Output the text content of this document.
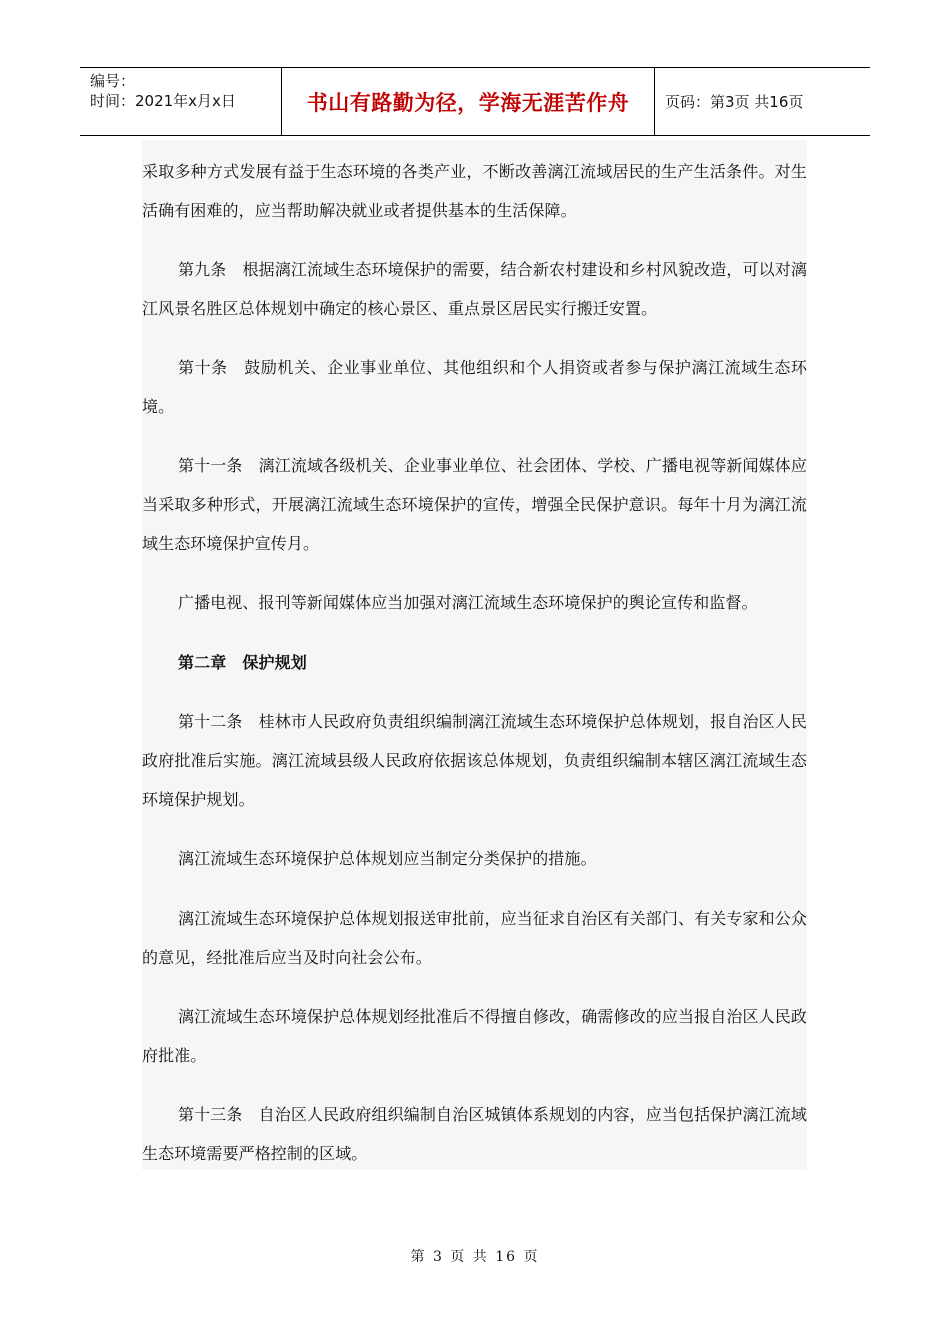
编号：
时间：2021年x月x日	书山有路勤为径，学海无涯苦作舟	页码：第3页 共16页

采取多种方式发展有益于生态环境的各类产业，不断改善漓江流域居民的生产生活条件。对生活确有困难的，应当帮助解决就业或者提供基本的生活保障。

第九条　根据漓江流域生态环境保护的需要，结合新农村建设和乡村风貌改造，可以对漓江风景名胜区总体规划中确定的核心景区、重点景区居民实行搬迁安置。

第十条　鼓励机关、企业事业单位、其他组织和个人捐资或者参与保护漓江流域生态环境。

第十一条　漓江流域各级机关、企业事业单位、社会团体、学校、广播电视等新闻媒体应当采取多种形式，开展漓江流域生态环境保护的宣传，增强全民保护意识。每年十月为漓江流域生态环境保护宣传月。

广播电视、报刊等新闻媒体应当加强对漓江流域生态环境保护的舆论宣传和监督。

第二章　保护规划

第十二条　桂林市人民政府负责组织编制漓江流域生态环境保护总体规划，报自治区人民政府批准后实施。漓江流域县级人民政府依据该总体规划，负责组织编制本辖区漓江流域生态环境保护规划。

漓江流域生态环境保护总体规划应当制定分类保护的措施。

漓江流域生态环境保护总体规划报送审批前，应当征求自治区有关部门、有关专家和公众的意见，经批准后应当及时向社会公布。

漓江流域生态环境保护总体规划经批准后不得擅自修改，确需修改的应当报自治区人民政府批准。

第十三条　自治区人民政府组织编制自治区城镇体系规划的内容，应当包括保护漓江流域生态环境需要严格控制的区域。

第 3 页 共 16 页
